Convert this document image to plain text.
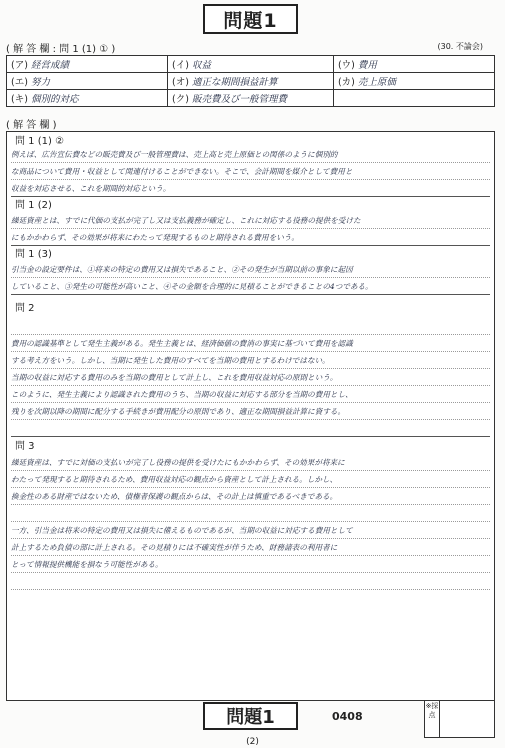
問題1
( 解 答 欄 : 問 1 (1) ① )	(30. 不論会)
(ア) 経営成績	(イ) 収益	(ウ) 費用
(エ) 努力	(オ) 適正な期間損益計算	(カ) 売上原価
(キ) 個別的対応	(ク) 販売費及び一般管理費	
( 解 答 欄 )
問 1 (1) ②
例えば、広告宣伝費などの販売費及び一般管理費は、売上高と売上原価との関係のように個別的
な商品について費用・収益として関連付けることができない。そこで、会計期間を媒介として費用と
収益を対応させる、これを期間的対応という。
問 1 (2)
繰延資産とは、すでに代価の支払が完了し又は支払義務が確定し、これに対応する役務の提供を受けた
にもかかわらず、その効果が将来にわたって発現するものと期待される費用をいう。
問 1 (3)
引当金の設定要件は、①将来の特定の費用又は損失であること、②その発生が当期以前の事象に起因
していること、③発生の可能性が高いこと、④その金額を合理的に見積ることができることの4つである。
問 2
費用の認識基準として発生主義がある。発生主義とは、経済価値の費消の事実に基づいて費用を認識
する考え方をいう。しかし、当期に発生した費用のすべてを当期の費用とするわけではない。
当期の収益に対応する費用のみを当期の費用として計上し、これを費用収益対応の原則という。
このように、発生主義により認識された費用のうち、当期の収益に対応する部分を当期の費用とし、
残りを次期以降の期間に配分する手続きが費用配分の原則であり、適正な期間損益計算に資する。
問 3
繰延資産は、すでに対価の支払いが完了し役務の提供を受けたにもかかわらず、その効果が将来に
わたって発現すると期待されるため、費用収益対応の観点から資産として計上される。しかし、
換金性のある財産ではないため、債権者保護の観点からは、その計上は慎重であるべきである。
一方、引当金は将来の特定の費用又は損失に備えるものであるが、当期の収益に対応する費用として
計上するため負債の部に計上される。その見積りには不確実性が伴うため、財務諸表の利用者に
とって情報提供機能を損なう可能性がある。
問題1	0408
※採点
(2)
